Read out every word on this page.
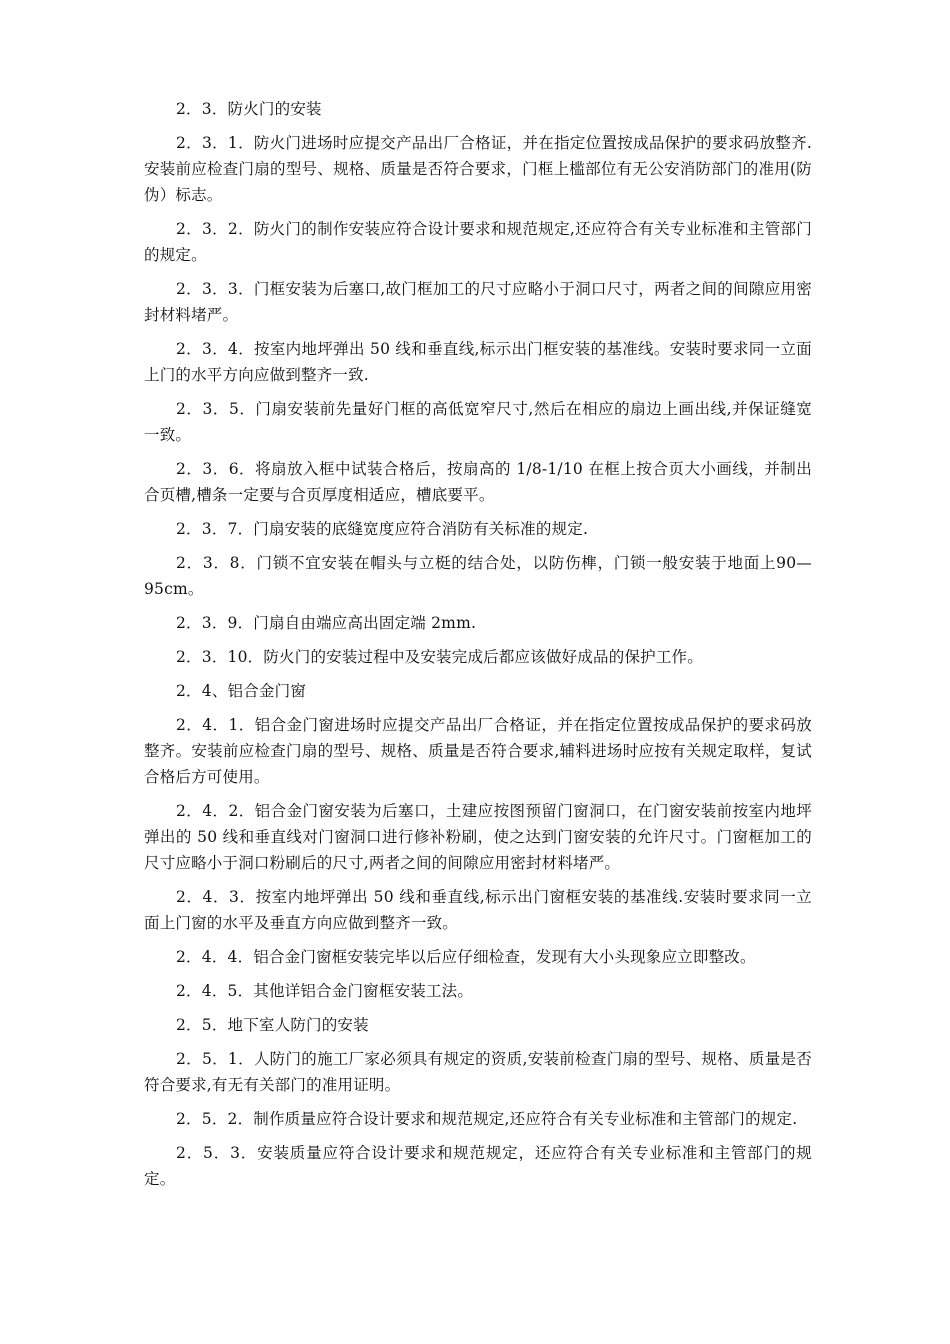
2．3．防火门的安装

2．3．1．防火门进场时应提交产品出厂合格证，并在指定位置按成品保护的要求码放整齐.安装前应检查门扇的型号、规格、质量是否符合要求，门框上槛部位有无公安消防部门的准用(防伪）标志。

2．3．2．防火门的制作安装应符合设计要求和规范规定,还应符合有关专业标准和主管部门的规定。

2．3．3．门框安装为后塞口,故门框加工的尺寸应略小于洞口尺寸，两者之间的间隙应用密封材料堵严。

2．3．4．按室内地坪弹出 50 线和垂直线,标示出门框安装的基准线。安装时要求同一立面上门的水平方向应做到整齐一致.

2．3．5．门扇安装前先量好门框的高低宽窄尺寸,然后在相应的扇边上画出线,并保证缝宽一致。

2．3．6．将扇放入框中试装合格后，按扇高的 1/8-1/10 在框上按合页大小画线，并制出合页槽,槽条一定要与合页厚度相适应，槽底要平。

2．3．7．门扇安装的底缝宽度应符合消防有关标准的规定.

2．3．8．门锁不宜安装在帽头与立梃的结合处，以防伤榫，门锁一般安装于地面上90—95cm。

2．3．9．门扇自由端应高出固定端 2mm.

2．3．10．防火门的安装过程中及安装完成后都应该做好成品的保护工作。

2．4、铝合金门窗

2．4．1．铝合金门窗进场时应提交产品出厂合格证，并在指定位置按成品保护的要求码放整齐。安装前应检查门扇的型号、规格、质量是否符合要求,辅料进场时应按有关规定取样，复试合格后方可使用。

2．4．2．铝合金门窗安装为后塞口，土建应按图预留门窗洞口，在门窗安装前按室内地坪弹出的 50 线和垂直线对门窗洞口进行修补粉刷，使之达到门窗安装的允许尺寸。门窗框加工的尺寸应略小于洞口粉刷后的尺寸,两者之间的间隙应用密封材料堵严。

2．4．3．按室内地坪弹出 50 线和垂直线,标示出门窗框安装的基准线.安装时要求同一立面上门窗的水平及垂直方向应做到整齐一致。

2．4．4．铝合金门窗框安装完毕以后应仔细检查，发现有大小头现象应立即整改。

2．4．5．其他详铝合金门窗框安装工法。

2．5．地下室人防门的安装

2．5．1．人防门的施工厂家必须具有规定的资质,安装前检查门扇的型号、规格、质量是否符合要求,有无有关部门的准用证明。

2．5．2．制作质量应符合设计要求和规范规定,还应符合有关专业标准和主管部门的规定.

2．5．3．安装质量应符合设计要求和规范规定，还应符合有关专业标准和主管部门的规定。
